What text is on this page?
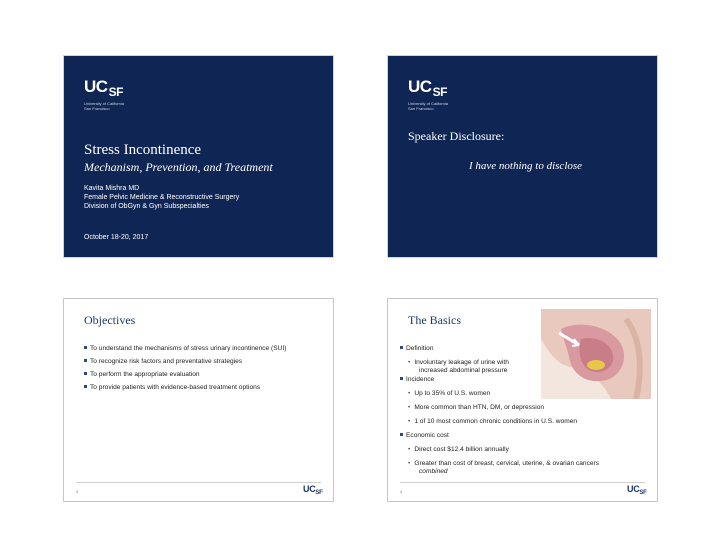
$UC_{SF}$
University of California
San Francisco
Stress Incontinence
Mechanism, Prevention, and Treatment
Kavita Mishra MD
Female Pelvic Medicine & Reconstructive Surgery
Division of ObGyn & Gyn Subspecialties
October 18-20, 2017
$UC_{SF}$
University of California
San Francisco
Speaker Disclosure:
I have nothing to disclose
Objectives
To understand the mechanisms of stress urinary incontinence (SUI)
To recognize risk factors and preventative strategies
To perform the appropriate evaluation
To provide patients with evidence-based treatment options
3	$UC_{SF}$
The Basics
Definition
• Involuntary leakage of urine with
increased abdominal pressure
Incidence
• Up to 35% of U.S. women
• More common than HTN, DM, or depression
• 1 of 10 most common chronic conditions in U.S. women
Economic cost
• Direct cost $12.4 billion annually
• Greater than cost of breast, cervical, uterine, & ovarian cancers
combined
4	$UC_{SF}$
